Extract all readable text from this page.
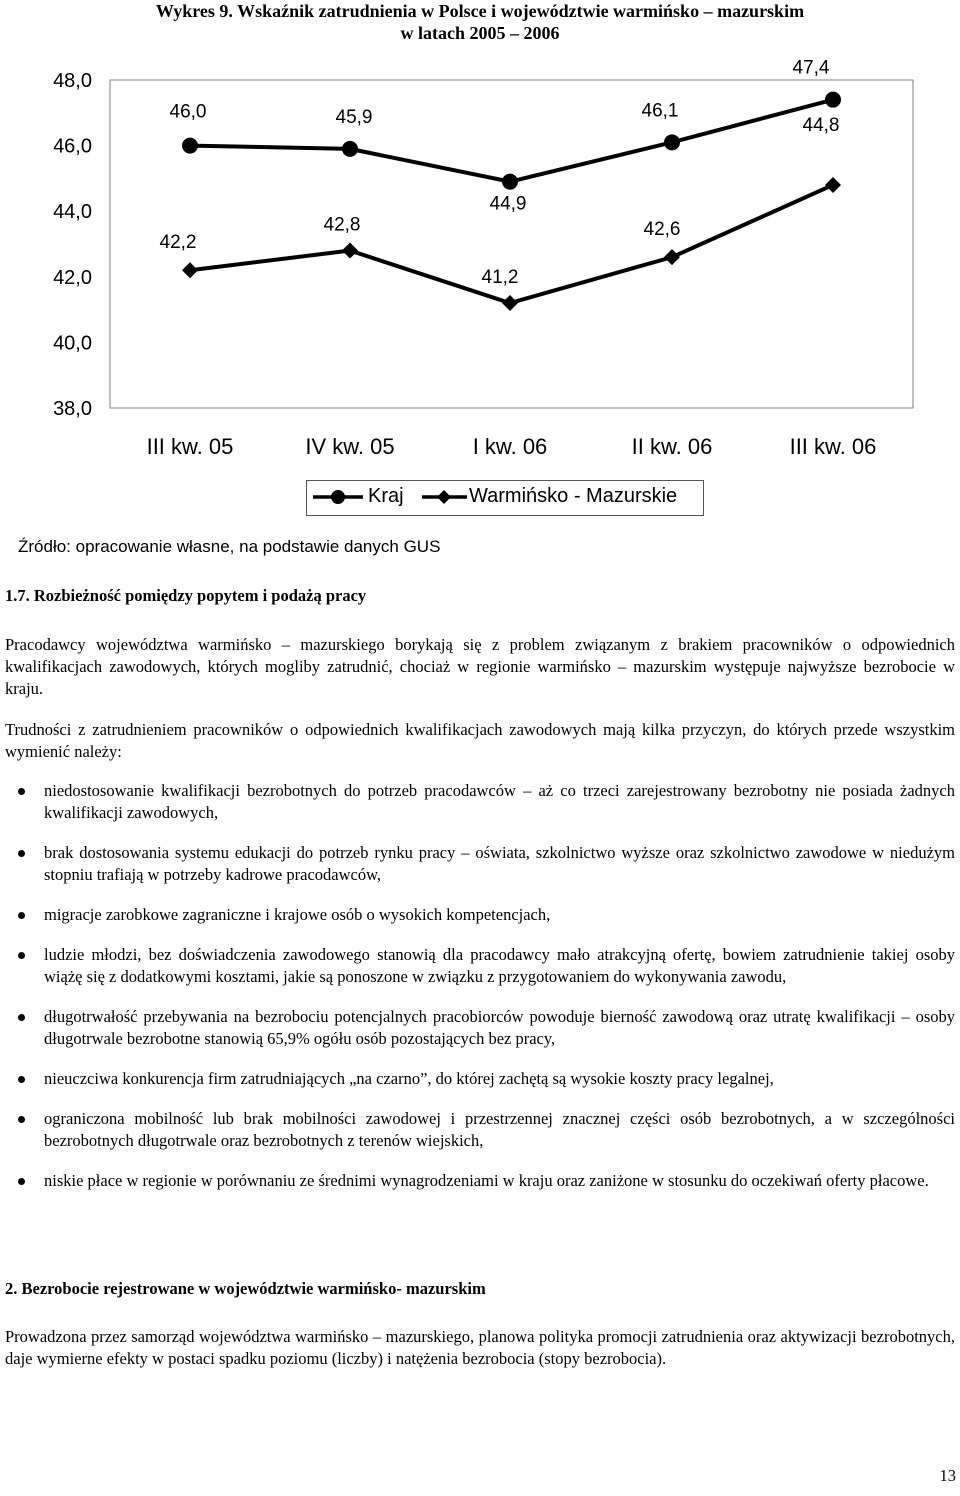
Wykres 9. Wskaźnik zatrudnienia w Polsce i województwie warmińsko – mazurskim
w latach 2005 – 2006
48,0
46,0
44,0
42,0
40,0
38,0
III kw. 05	IV kw. 05	I kw. 06	II kw. 06	III kw. 06
46,0	45,9
44,9
46,1
47,4
42,2
42,8
41,2
42,6
44,8
Kraj	Warmińsko - Mazurskie
Źródło: opracowanie własne, na podstawie danych GUS
1.7. Rozbieżność pomiędzy popytem i podażą pracy
Pracodawcy województwa warmińsko – mazurskiego borykają się z problem związanym z brakiem pracowników o odpowiednich kwalifikacjach zawodowych, których mogliby zatrudnić, chociaż w regionie warmińsko – mazurskim występuje najwyższe bezrobocie w kraju.
Trudności z zatrudnieniem pracowników o odpowiednich kwalifikacjach zawodowych mają kilka przyczyn, do których przede wszystkim wymienić należy:
niedostosowanie kwalifikacji bezrobotnych do potrzeb pracodawców – aż co trzeci zarejestrowany bezrobotny nie posiada żadnych kwalifikacji zawodowych,
brak dostosowania systemu edukacji do potrzeb rynku pracy – oświata, szkolnictwo wyższe oraz szkolnictwo zawodowe w niedużym stopniu trafiają w potrzeby kadrowe pracodawców,
migracje zarobkowe zagraniczne i krajowe osób o wysokich kompetencjach,
ludzie młodzi, bez doświadczenia zawodowego stanowią dla pracodawcy mało atrakcyjną ofertę, bowiem zatrudnienie takiej osoby wiążę się z dodatkowymi kosztami, jakie są ponoszone w związku z przygotowaniem do wykonywania zawodu,
długotrwałość przebywania na bezrobociu potencjalnych pracobiorców powoduje bierność zawodową oraz utratę kwalifikacji – osoby długotrwale bezrobotne stanowią 65,9% ogółu osób pozostających bez pracy,
nieuczciwa konkurencja firm zatrudniających „na czarno”, do której zachętą są wysokie koszty pracy legalnej,
ograniczona mobilność lub brak mobilności zawodowej i przestrzennej znacznej części osób bezrobotnych, a w szczególności bezrobotnych długotrwale oraz bezrobotnych z terenów wiejskich,
niskie płace w regionie w porównaniu ze średnimi wynagrodzeniami w kraju oraz zaniżone w stosunku do oczekiwań oferty płacowe.
2. Bezrobocie rejestrowane w województwie warmińsko- mazurskim
Prowadzona przez samorząd województwa warmińsko – mazurskiego, planowa polityka promocji zatrudnienia oraz aktywizacji bezrobotnych, daje wymierne efekty w postaci spadku poziomu (liczby) i natężenia bezrobocia (stopy bezrobocia).
13
